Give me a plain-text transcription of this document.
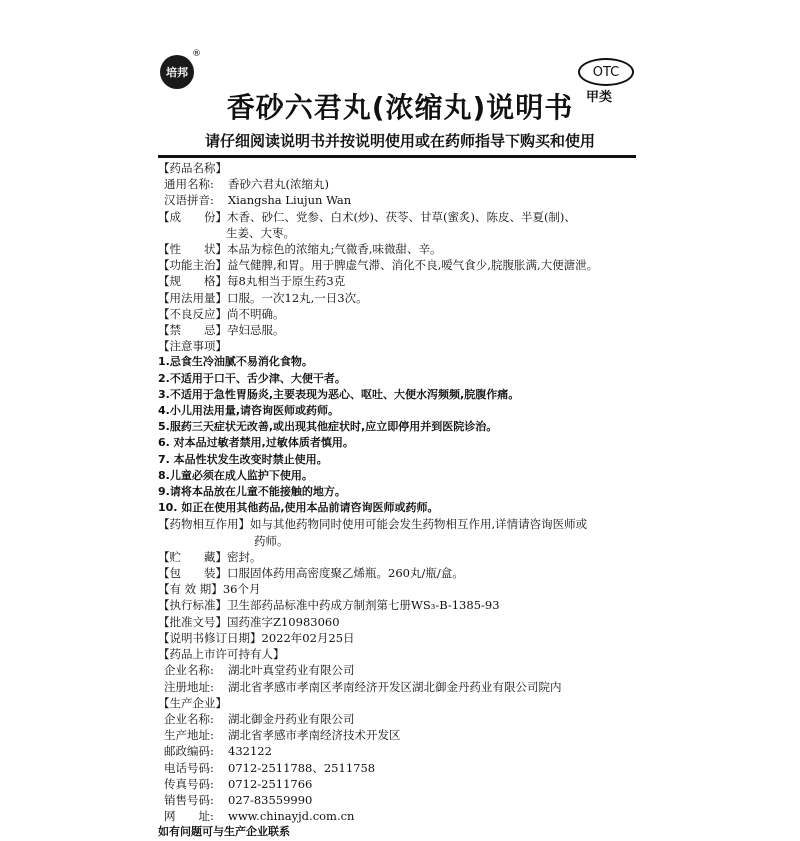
培邦
®
OTC
甲类
香砂六君丸(浓缩丸)说明书
请仔细阅读说明书并按说明使用或在药师指导下购买和使用
【药品名称】
通用名称:	香砂六君丸(浓缩丸)
汉语拼音:	Xiangsha Liujun Wan
【成　　份】 木香、砂仁、党参、白术(炒)、茯苓、甘草(蜜炙)、陈皮、半夏(制)、
生姜、大枣。
【性　　状】 本品为棕色的浓缩丸;气微香,味微甜、辛。
【功能主治】 益气健脾,和胃。用于脾虚气滞、消化不良,嗳气食少,脘腹胀满,大便溏泄。
【规　　格】 每8丸相当于原生药3克
【用法用量】 口服。一次12丸,一日3次。
【不良反应】 尚不明确。
【禁　　忌】 孕妇忌服。
【注意事项】
1.忌食生冷油腻不易消化食物。
2.不适用于口干、舌少津、大便干者。
3.不适用于急性胃肠炎,主要表现为恶心、呕吐、大便水泻频频,脘腹作痛。
4.小儿用法用量,请咨询医师或药师。
5.服药三天症状无改善,或出现其他症状时,应立即停用并到医院诊治。
6. 对本品过敏者禁用,过敏体质者慎用。
7. 本品性状发生改变时禁止使用。
8.儿童必须在成人监护下使用。
9.请将本品放在儿童不能接触的地方。
10. 如正在使用其他药品,使用本品前请咨询医师或药师。
【药物相互作用】 如与其他药物同时使用可能会发生药物相互作用,详情请咨询医师或
药师。
【贮　　藏】 密封。
【包　　装】 口服固体药用高密度聚乙烯瓶。260丸/瓶/盒。
【有 效 期】 36个月
【执行标准】 卫生部药品标准中药成方制剂第七册WS₃-B-1385-93
【批准文号】 国药准字Z10983060
【说明书修订日期】 2022年02月25日
【药品上市许可持有人】
企业名称:	湖北叶真堂药业有限公司
注册地址:	湖北省孝感市孝南区孝南经济开发区湖北御金丹药业有限公司院内
【生产企业】
企业名称:	湖北御金丹药业有限公司
生产地址:	湖北省孝感市孝南经济技术开发区
邮政编码:	432122
电话号码:	0712-2511788、2511758
传真号码:	0712-2511766
销售号码:	027-83559990
网　　址:	www.chinayjd.com.cn
如有问题可与生产企业联系
